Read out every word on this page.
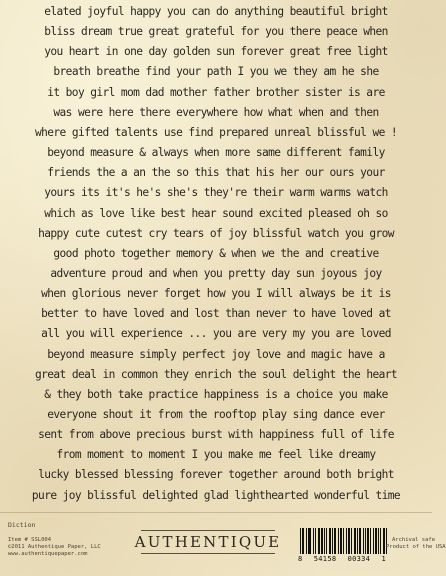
elated joyful happy you can do anything beautiful bright
bliss dream true great grateful for you there peace when
you heart in one day golden sun forever great free light
breath breathe find your path I you we they am he she
it boy girl mom dad mother father brother sister is are
was were here there everywhere how what when and then
where gifted talents use find prepared unreal blissful we !
beyond measure & always when more same different family
friends the a an the so this that his her our ours your
yours its it's he's she's they're their warm warms watch
which as love like best hear sound excited pleased oh so
happy cute cutest cry tears of joy blissful watch you grow
good photo together memory & when we the and creative
adventure proud and when you pretty day sun joyous joy
when glorious never forget how you I will always be it is
better to have loved and lost than never to have loved at
all you will experience ... you are very my you are loved
beyond measure simply perfect joy love and magic have a
great deal in common they enrich the soul delight the heart
& they both take practice happiness is a choice you make
everyone shout it from the rooftop play sing dance ever
sent from above precious burst with happiness full of life
from moment to moment I you make me feel like dreamy
lucky blessed blessing forever together around both bright
pure joy blissful delighted glad lighthearted wonderful time
Diction
Item # SSL004
©2011 Authentique Paper, LLC
www.authentiquepaper.com
AUTHENTIQUE
8 54158 00334 1
Archival safe
Product of the USA
